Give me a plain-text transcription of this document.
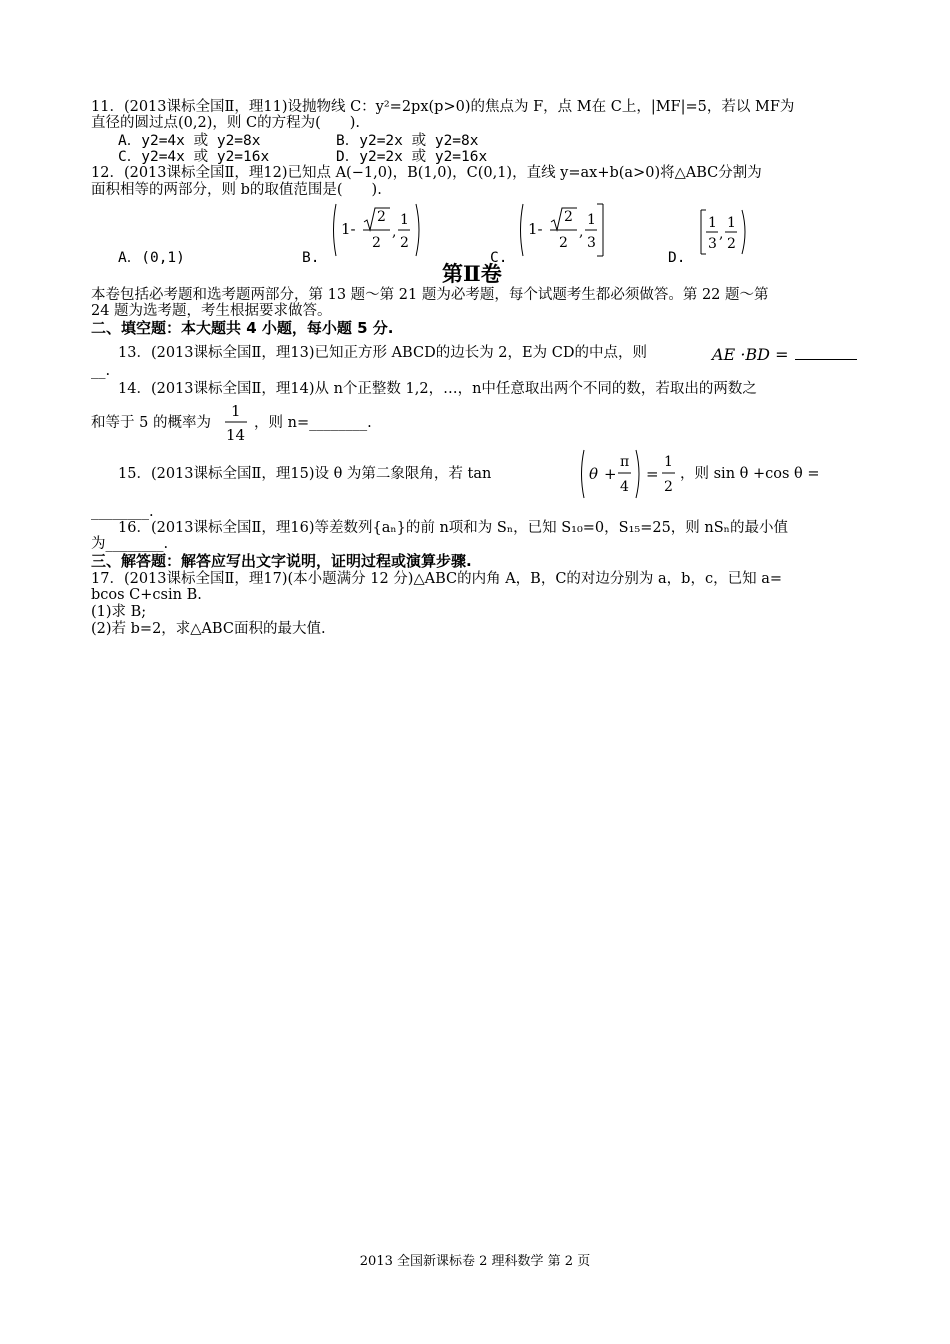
11．(2013课标全国Ⅱ，理11)设抛物线 C：y²=2px(p>0)的焦点为 F，点 M在 C上，|MF|=5，若以 MF为
直径的圆过点(0,2)，则 C的方程为(　　).
A．y2=4x 或 y2=8x	B．y2=2x 或 y2=8x
C．y2=4x 或 y2=16x	D．y2=2x 或 y2=16x
12．(2013课标全国Ⅱ，理12)已知点 A(−1,0)，B(1,0)，C(0,1)，直线 y=ax+b(a>0)将△ABC分割为
面积相等的两部分，则 b的取值范围是(　　).
A．(0,1)	B.	C.	D.
1-
2
2
,
1
2
1-
2
2
,
1
3
1
3
,
1
2
第Ⅱ卷
本卷包括必考题和选考题两部分，第 13 题～第 21 题为必考题，每个试题考生都必须做答。第 22 题～第
24 题为选考题，考生根据要求做答。
二、填空题：本大题共 4 小题，每小题 5 分.
13．(2013课标全国Ⅱ，理13)已知正方形 ABCD的边长为 2，E为 CD的中点，则	AE ·BD =
__.
14．(2013课标全国Ⅱ，理14)从 n个正整数 1,2，…，n中任意取出两个不同的数，若取出的两数之
和等于 5 的概率为
1
14
，则 n=________.
15．(2013课标全国Ⅱ，理15)设 θ 为第二象限角，若 tan	θ +
π
4
=
1
2
，则 sin θ +cos θ =
________.
16．(2013课标全国Ⅱ，理16)等差数列{aₙ}的前 n项和为 Sₙ，已知 S₁₀=0，S₁₅=25，则 nSₙ的最小值
为________.
三、解答题：解答应写出文字说明，证明过程或演算步骤.
17．(2013课标全国Ⅱ，理17)(本小题满分 12 分)△ABC的内角 A，B，C的对边分别为 a，b，c，已知 a=
bcos C+csin B.
(1)求 B;
(2)若 b=2，求△ABC面积的最大值.
2013 全国新课标卷 2 理科数学 第 2 页
